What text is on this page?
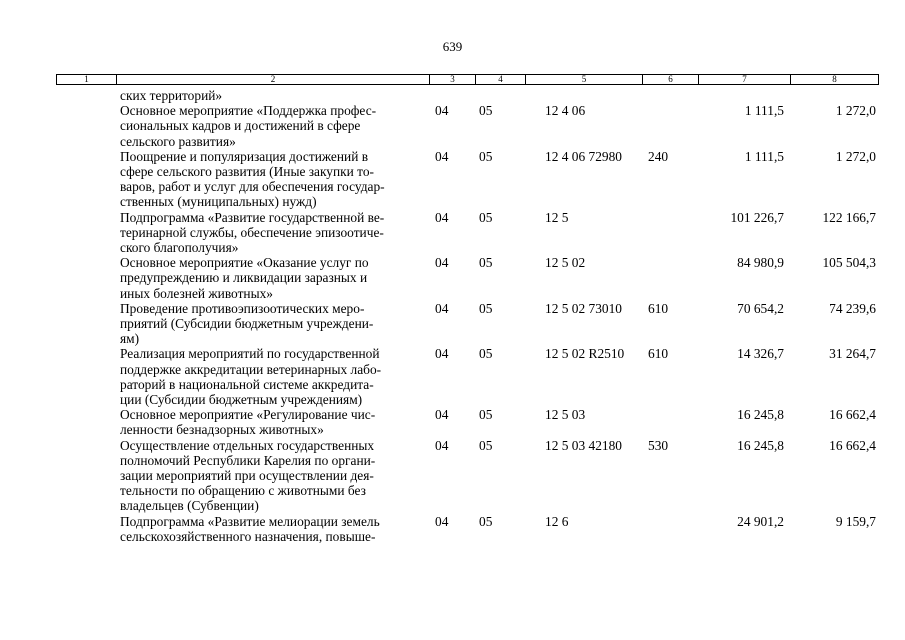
639
1	2	3	4	5	6	7	8
ских территорий»
Основное мероприятие «Поддержка профес-
сиональных кадров и достижений в сфере
сельского развития»
04 05	12 4 06	1 111,5	1 272,0
Поощрение и популяризация достижений в
сфере сельского развития (Иные закупки то-
варов, работ и услуг для обеспечения государ-
ственных (муниципальных) нужд)
04 05	12 4 06 72980 240	1 111,5	1 272,0
Подпрограмма «Развитие государственной ве-
теринарной службы, обеспечение эпизоотиче-
ского благополучия»
04 05	12 5	101 226,7	122 166,7
Основное мероприятие «Оказание услуг по
предупреждению и ликвидации заразных и
иных болезней животных»
04 05	12 5 02	84 980,9	105 504,3
Проведение противоэпизоотических меро-
приятий (Субсидии бюджетным учреждени-
ям)
04 05	12 5 02 73010 610	70 654,2	74 239,6
Реализация мероприятий по государственной
поддержке аккредитации ветеринарных лабо-
раторий в национальной системе аккредита-
ции (Субсидии бюджетным учреждениям)
04 05	12 5 02 R2510 610	14 326,7	31 264,7
Основное мероприятие «Регулирование чис-
ленности безнадзорных животных»
04 05	12 5 03	16 245,8	16 662,4
Осуществление отдельных государственных
полномочий Республики Карелия по органи-
зации мероприятий при осуществлении дея-
тельности по обращению с животными без
владельцев (Субвенции)
04 05	12 5 03 42180 530	16 245,8	16 662,4
Подпрограмма «Развитие мелиорации земель
сельскохозяйственного назначения, повыше-
04 05	12 6	24 901,2	9 159,7
